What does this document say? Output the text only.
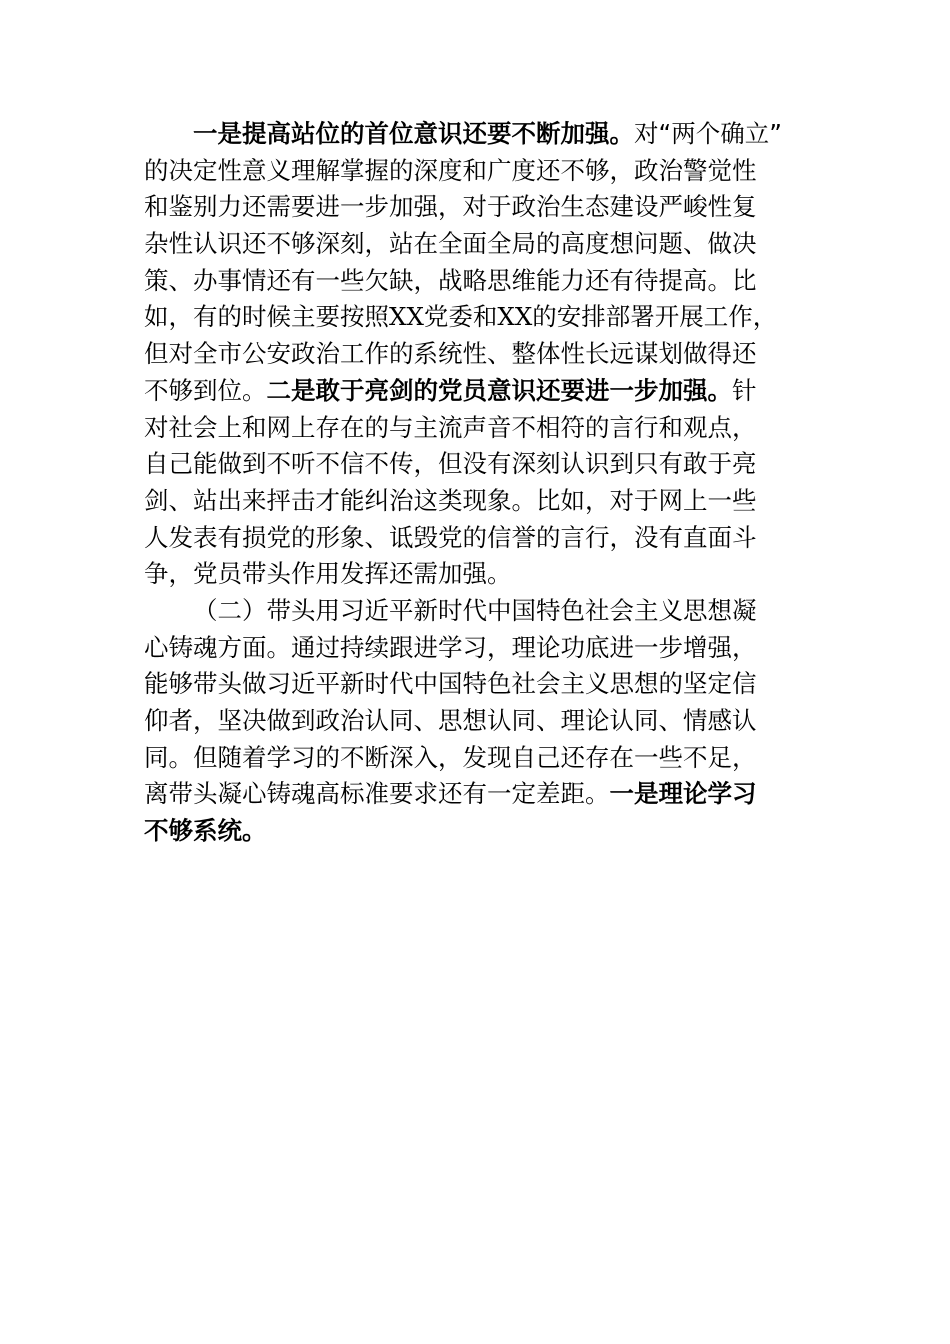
一是提高站位的首位意识还要不断加强。对“两个确立”
的决定性意义理解掌握的深度和广度还不够，政治警觉性
和鉴别力还需要进一步加强，对于政治生态建设严峻性复
杂性认识还不够深刻，站在全面全局的高度想问题、做决
策、办事情还有一些欠缺，战略思维能力还有待提高。比
如，有的时候主要按照XX党委和XX的安排部署开展工作，
但对全市公安政治工作的系统性、整体性长远谋划做得还
不够到位。二是敢于亮剑的党员意识还要进一步加强。针
对社会上和网上存在的与主流声音不相符的言行和观点，
自己能做到不听不信不传，但没有深刻认识到只有敢于亮
剑、站出来抨击才能纠治这类现象。比如，对于网上一些
人发表有损党的形象、诋毁党的信誉的言行，没有直面斗
争，党员带头作用发挥还需加强。
（二）带头用习近平新时代中国特色社会主义思想凝
心铸魂方面。通过持续跟进学习，理论功底进一步增强，
能够带头做习近平新时代中国特色社会主义思想的坚定信
仰者，坚决做到政治认同、思想认同、理论认同、情感认
同。但随着学习的不断深入，发现自己还存在一些不足，
离带头凝心铸魂高标准要求还有一定差距。一是理论学习
不够系统。
